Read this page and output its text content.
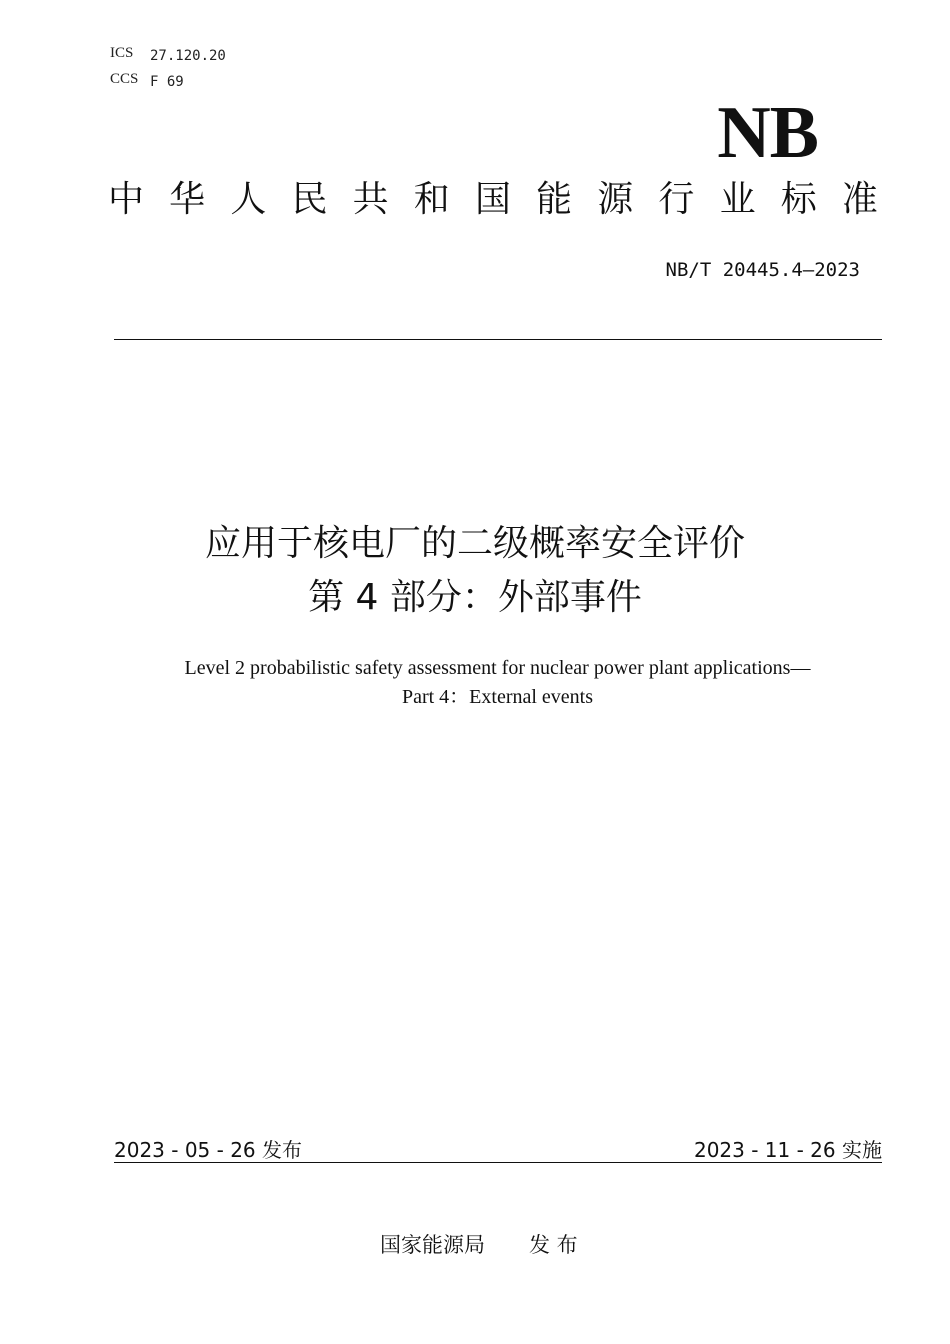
ICS 27.120.20
CCS F 69
NB
中 华 人 民 共 和 国 能 源 行 业 标 准
NB/T 20445.4—2023
应用于核电厂的二级概率安全评价
第 4 部分：外部事件
Level 2 probabilistic safety assessment for nuclear power plant applications—
Part 4：External events
2023 - 05 - 26 发布	2023 - 11 - 26 实施
国家能源局 发 布
